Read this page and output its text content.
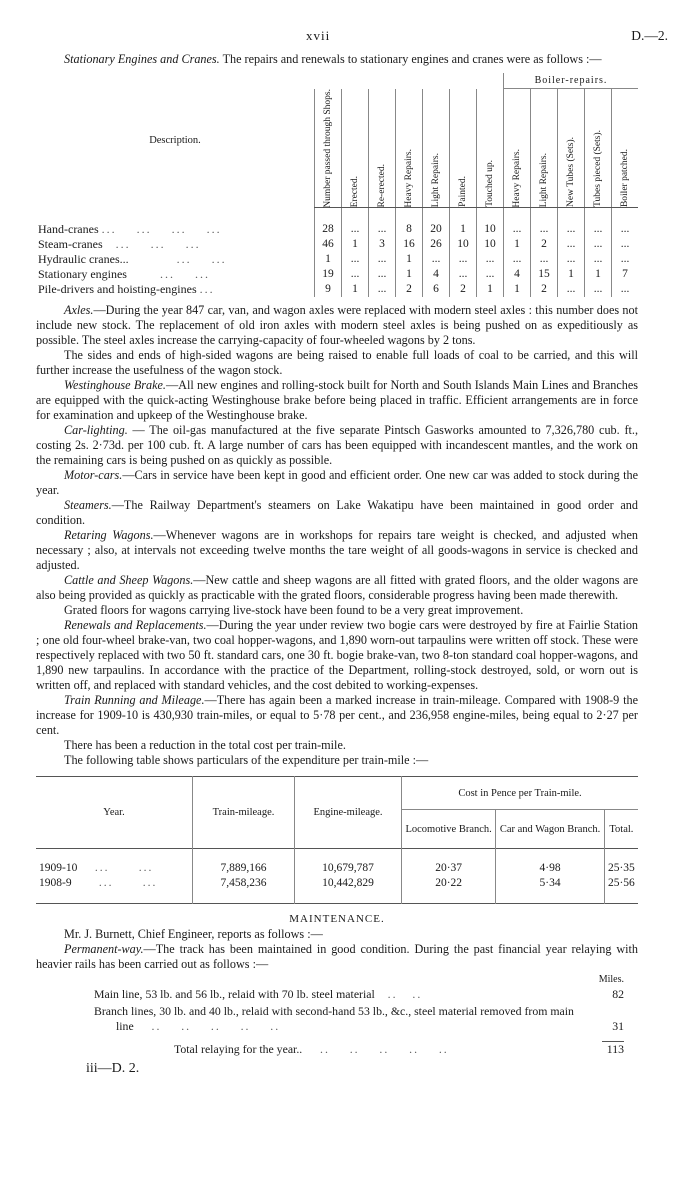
xvii	D.—2.

Stationary Engines and Cranes. The repairs and renewals to stationary engines and cranes were as follows :—

Description.								Boiler-repairs.				

	Number passed through Shops.	Erected.	Re-erected.	Heavy Repairs.	Light Repairs.	Painted.	Touched up.	Heavy Repairs.	Light Repairs.	New Tubes (Sets).	Tubes pieced (Sets).	Boiler patched.

Hand-cranes ...    ...    ...    ...	28	...	...	8	20	1	10	...	...	...	...	...
Steam-cranes   ...    ...    ...	46	1	3	16	26	10	10	1	2	...	...	...
Hydraulic cranes...          ...    ...	1	...	...	1	...	...	...	...	...	...	...	...
Stationary engines       ...    ...	19	...	...	1	4	...	...	4	15	1	1	7
Pile-drivers and hoisting-engines ...	9	1	...	2	6	2	1	1	2	...	...	...

Axles.—During the year 847 car, van, and wagon axles were replaced with modern steel axles : this number does not include new stock. The replacement of old iron axles with modern steel axles is being pushed on as expeditiously as possible. The steel axles increase the carrying-capacity of four-wheeled wagons by 2 tons.

The sides and ends of high-sided wagons are being raised to enable full loads of coal to be carried, and this will further increase the usefulness of the wagon stock.

Westinghouse Brake.—All new engines and rolling-stock built for North and South Islands Main Lines and Branches are equipped with the quick-acting Westinghouse brake before being placed in traffic. Efficient arrangements are in force for examination and upkeep of the Westinghouse brake.

Car-lighting. — The oil-gas manufactured at the five separate Pintsch Gasworks amounted to 7,326,780 cub. ft., costing 2s. 2·73d. per 100 cub. ft. A large number of cars has been equipped with incandescent mantles, and the work on the remaining cars is being pushed on as quickly as possible.

Motor-cars.—Cars in service have been kept in good and efficient order. One new car was added to stock during the year.

Steamers.—The Railway Department's steamers on Lake Wakatipu have been maintained in good order and condition.

Retaring Wagons.—Whenever wagons are in workshops for repairs tare weight is checked, and adjusted when necessary ; also, at intervals not exceeding twelve months the tare weight of all goods-wagons in service is checked and adjusted.

Cattle and Sheep Wagons.—New cattle and sheep wagons are all fitted with grated floors, and the older wagons are also being provided as quickly as practicable with the grated floors, considerable progress having been made therewith.

Grated floors for wagons carrying live-stock have been found to be a very great improvement.

Renewals and Replacements.—During the year under review two bogie cars were destroyed by fire at Fairlie Station ; one old four-wheel brake-van, two coal hopper-wagons, and 1,890 worn-out tarpaulins were written off stock. These were respectively replaced with two 50 ft. standard cars, one 30 ft. bogie brake-van, two 8-ton standard coal hopper-wagons, and 1,890 new tarpaulins. In accordance with the practice of the Department, rolling-stock destroyed, sold, or worn out is written off, and replaced with standard vehicles, and the cost debited to working-expenses.

Train Running and Mileage.—There has again been a marked increase in train-mileage. Compared with 1908-9 the increase for 1909-10 is 430,930 train-miles, or equal to 5·78 per cent., and 236,958 engine-miles, being equal to 2·27 per cent.

There has been a reduction in the total cost per train-mile.

The following table shows particulars of the expenditure per train-mile :—

Year.	Train-mileage.	Engine-mileage.	Cost in Pence per Train-mile.		
			Locomotive Branch.	Car and Wagon Branch.	Total.

1909-10    ...      ...	7,889,166	10,679,787	20·37	4·98	25·35
1908-9      ...      ...	7,458,236	10,442,829	20·22	5·34	25·56

MAINTENANCE.

Mr. J. Burnett, Chief Engineer, reports as follows :—

Permanent-way.—The track has been maintained in good condition. During the past financial year relaying with heavier rails has been carried out as follows :—

	Miles.
Main line, 53 lb. and 56 lb., relaid with 70 lb. steel material   ..   ..	82

Branch lines, 30 lb. and 40 lb., relaid with second-hand 53 lb., &c., steel material removed from main line    ..    ..    ..    ..    ..	31

Total relaying for the year..    ..    ..    ..    ..    ..	113
iii—D. 2.
